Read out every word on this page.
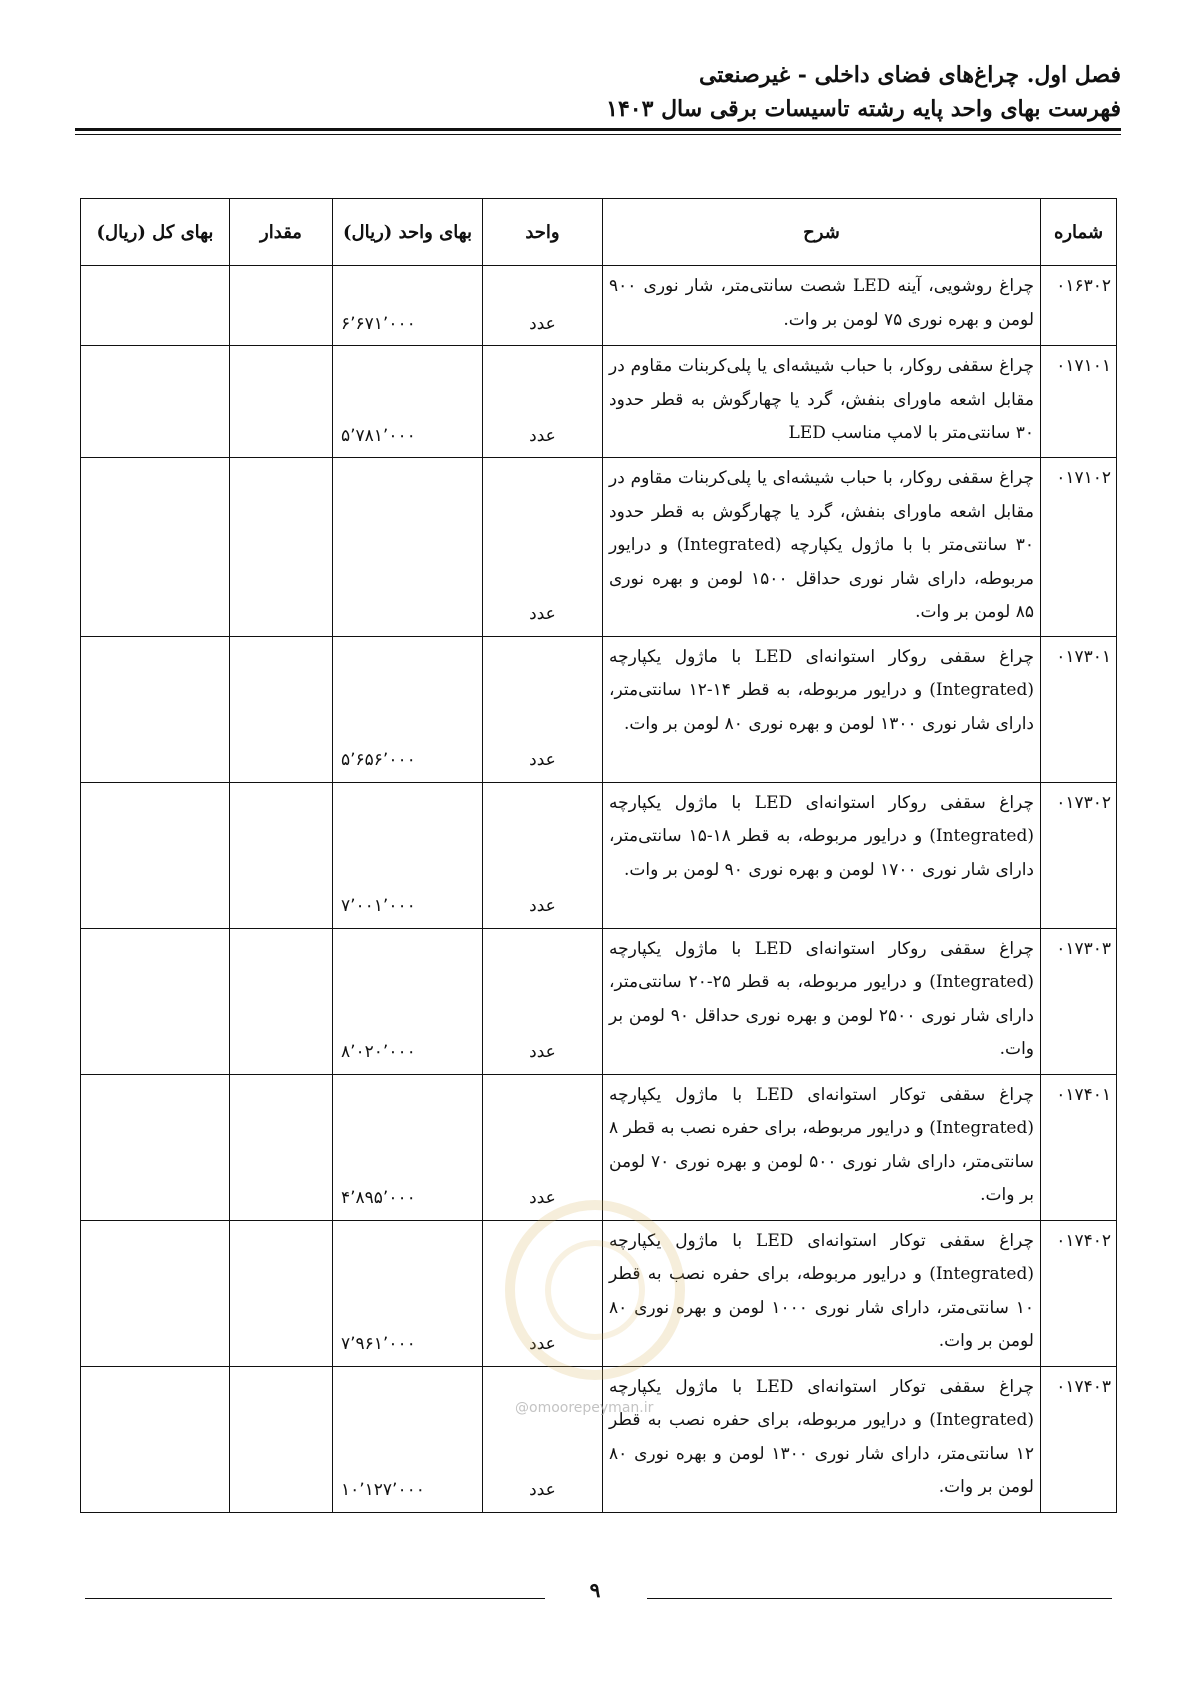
فصل اول. چراغ‌های فضای داخلی - غیرصنعتی
فهرست بهای واحد پایه رشته تاسیسات برقی سال ۱۴۰۳
شماره	شرح	واحد	بهای واحد (ریال)	مقدار	بهای کل (ریال)
۰۱۶۳۰۲	چراغ روشویی، آینه LED شصت سانتی‌متر، شار نوری ۹۰۰ لومن و بهره نوری ۷۵ لومن بر وات.	عدد	۶٬۶۷۱٬۰۰۰		
۰۱۷۱۰۱	چراغ سقفی روکار، با حباب شیشه‌ای یا پلی‌کربنات مقاوم در مقابل اشعه ماورای بنفش، گرد یا چهارگوش به قطر حدود ۳۰ سانتی‌متر با لامپ مناسب LED	عدد	۵٬۷۸۱٬۰۰۰		
۰۱۷۱۰۲	چراغ سقفی روکار، با حباب شیشه‌ای یا پلی‌کربنات مقاوم در مقابل اشعه ماورای بنفش، گرد یا چهارگوش به قطر حدود ۳۰ سانتی‌متر با با ماژول یکپارچه (Integrated) و درایور مربوطه، دارای شار نوری حداقل ۱۵۰۰ لومن و بهره نوری ۸۵ لومن بر وات.	عدد			
۰۱۷۳۰۱	چراغ سقفی روکار استوانه‌ای LED با ماژول یکپارچه (Integrated) و درایور مربوطه، به قطر ۱۴-۱۲ سانتی‌متر، دارای شار نوری ۱۳۰۰ لومن و بهره نوری ۸۰ لومن بر وات.	عدد	۵٬۶۵۶٬۰۰۰		
۰۱۷۳۰۲	چراغ سقفی روکار استوانه‌ای LED با ماژول یکپارچه (Integrated) و درایور مربوطه، به قطر ۱۸-۱۵ سانتی‌متر، دارای شار نوری ۱۷۰۰ لومن و بهره نوری ۹۰ لومن بر وات.	عدد	۷٬۰۰۱٬۰۰۰		
۰۱۷۳۰۳	چراغ سقفی روکار استوانه‌ای LED با ماژول یکپارچه (Integrated) و درایور مربوطه، به قطر ۲۵-۲۰ سانتی‌متر، دارای شار نوری ۲۵۰۰ لومن و بهره نوری حداقل ۹۰ لومن بر وات.	عدد	۸٬۰۲۰٬۰۰۰		
۰۱۷۴۰۱	چراغ سقفی توکار استوانه‌ای LED با ماژول یکپارچه (Integrated) و درایور مربوطه، برای حفره نصب به قطر ۸ سانتی‌متر، دارای شار نوری ۵۰۰ لومن و بهره نوری ۷۰ لومن بر وات.	عدد	۴٬۸۹۵٬۰۰۰		
۰۱۷۴۰۲	چراغ سقفی توکار استوانه‌ای LED با ماژول یکپارچه (Integrated) و درایور مربوطه، برای حفره نصب به قطر ۱۰ سانتی‌متر، دارای شار نوری ۱۰۰۰ لومن و بهره نوری ۸۰ لومن بر وات.	عدد	۷٬۹۶۱٬۰۰۰		
۰۱۷۴۰۳	چراغ سقفی توکار استوانه‌ای LED با ماژول یکپارچه (Integrated) و درایور مربوطه، برای حفره نصب به قطر ۱۲ سانتی‌متر، دارای شار نوری ۱۳۰۰ لومن و بهره نوری ۸۰ لومن بر وات.	عدد	۱۰٬۱۲۷٬۰۰۰		
@omoorepeyman.ir
۹
